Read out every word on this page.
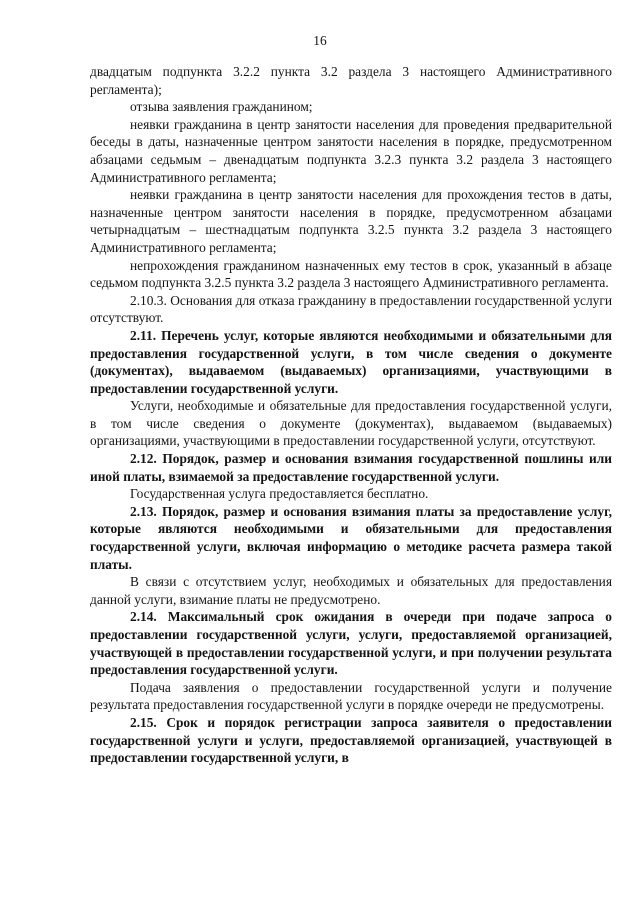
16

двадцатым подпункта 3.2.2 пункта 3.2 раздела 3 настоящего Административного регламента);

отзыва заявления гражданином;

неявки гражданина в центр занятости населения для проведения предварительной беседы в даты, назначенные центром занятости населения в порядке, предусмотренном абзацами седьмым – двенадцатым подпункта 3.2.3 пункта 3.2 раздела 3 настоящего Административного регламента;

неявки гражданина в центр занятости населения для прохождения тестов в даты, назначенные центром занятости населения в порядке, предусмотренном абзацами четырнадцатым – шестнадцатым подпункта 3.2.5 пункта 3.2 раздела 3 настоящего Административного регламента;

непрохождения гражданином назначенных ему тестов в срок, указанный в абзаце седьмом подпункта 3.2.5 пункта 3.2 раздела 3 настоящего Административного регламента.

2.10.3. Основания для отказа гражданину в предоставлении государственной услуги отсутствуют.

2.11. Перечень услуг, которые являются необходимыми и обязательными для предоставления государственной услуги, в том числе сведения о документе (документах), выдаваемом (выдаваемых) организациями, участвующими в предоставлении государственной услуги.

Услуги, необходимые и обязательные для предоставления государственной услуги, в том числе сведения о документе (документах), выдаваемом (выдаваемых) организациями, участвующими в предоставлении государственной услуги, отсутствуют.

2.12. Порядок, размер и основания взимания государственной пошлины или иной платы, взимаемой за предоставление государственной услуги.

Государственная услуга предоставляется бесплатно.

2.13. Порядок, размер и основания взимания платы за предоставление услуг, которые являются необходимыми и обязательными для предоставления государственной услуги, включая информацию о методике расчета размера такой платы.

В связи с отсутствием услуг, необходимых и обязательных для предоставления данной услуги, взимание платы не предусмотрено.

2.14. Максимальный срок ожидания в очереди при подаче запроса о предоставлении государственной услуги, услуги, предоставляемой организацией, участвующей в предоставлении государственной услуги, и при получении результата предоставления государственной услуги.

Подача заявления о предоставлении государственной услуги и получение результата предоставления государственной услуги в порядке очереди не предусмотрены.

2.15. Срок и порядок регистрации запроса заявителя о предоставлении государственной услуги и услуги, предоставляемой организацией, участвующей в предоставлении государственной услуги, в
